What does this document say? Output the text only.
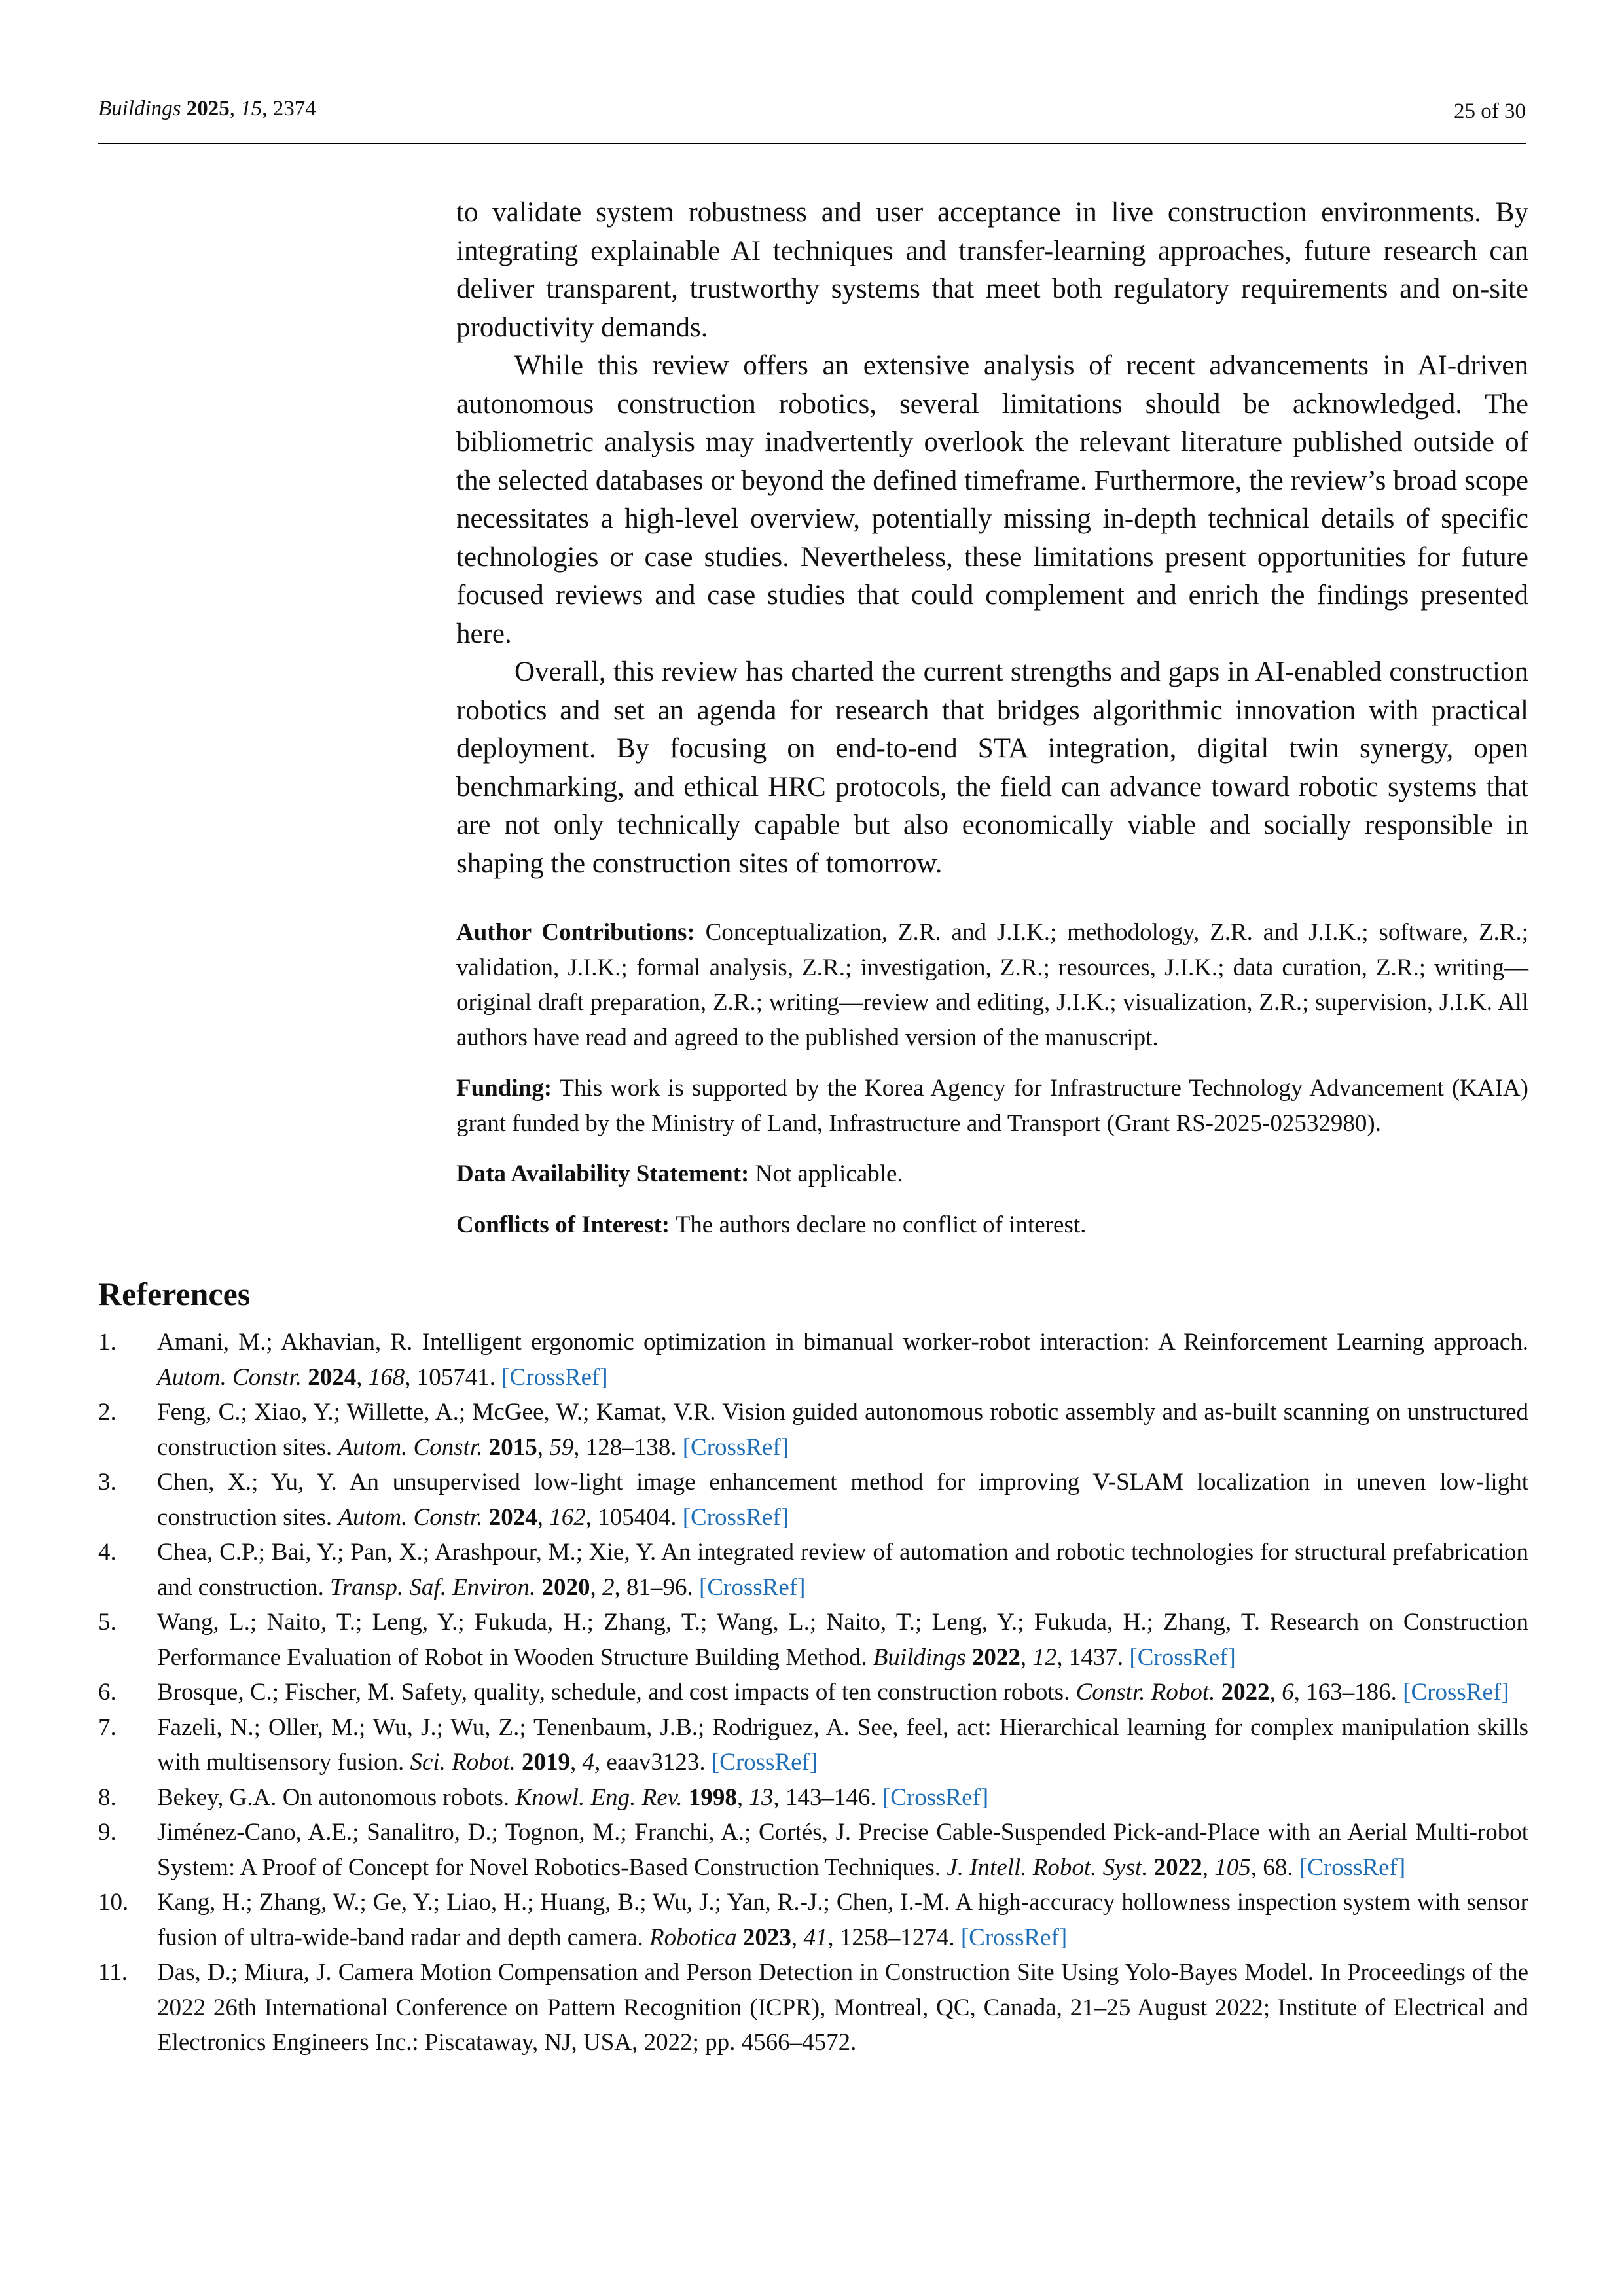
Buildings 2025, 15, 2374	25 of 30

to validate system robustness and user acceptance in live construction environments. By integrating explainable AI techniques and transfer-learning approaches, future research can deliver transparent, trustworthy systems that meet both regulatory requirements and on-site productivity demands.

While this review offers an extensive analysis of recent advancements in AI-driven autonomous construction robotics, several limitations should be acknowledged. The bibliometric analysis may inadvertently overlook the relevant literature published outside of the selected databases or beyond the defined timeframe. Furthermore, the review’s broad scope necessitates a high-level overview, potentially missing in-depth technical details of specific technologies or case studies. Nevertheless, these limitations present opportunities for future focused reviews and case studies that could complement and enrich the findings presented here.

Overall, this review has charted the current strengths and gaps in AI-enabled construction robotics and set an agenda for research that bridges algorithmic innovation with practical deployment. By focusing on end-to-end STA integration, digital twin synergy, open benchmarking, and ethical HRC protocols, the field can advance toward robotic systems that are not only technically capable but also economically viable and socially responsible in shaping the construction sites of tomorrow.

Author Contributions: Conceptualization, Z.R. and J.I.K.; methodology, Z.R. and J.I.K.; software, Z.R.; validation, J.I.K.; formal analysis, Z.R.; investigation, Z.R.; resources, J.I.K.; data curation, Z.R.; writing—original draft preparation, Z.R.; writing—review and editing, J.I.K.; visualization, Z.R.; supervision, J.I.K. All authors have read and agreed to the published version of the manuscript.

Funding: This work is supported by the Korea Agency for Infrastructure Technology Advancement (KAIA) grant funded by the Ministry of Land, Infrastructure and Transport (Grant RS-2025-02532980).

Data Availability Statement: Not applicable.

Conflicts of Interest: The authors declare no conflict of interest.

References
1. Amani, M.; Akhavian, R. Intelligent ergonomic optimization in bimanual worker-robot interaction: A Reinforcement Learning approach. Autom. Constr. 2024, 168, 105741. [CrossRef]
2. Feng, C.; Xiao, Y.; Willette, A.; McGee, W.; Kamat, V.R. Vision guided autonomous robotic assembly and as-built scanning on unstructured construction sites. Autom. Constr. 2015, 59, 128–138. [CrossRef]
3. Chen, X.; Yu, Y. An unsupervised low-light image enhancement method for improving V-SLAM localization in uneven low-light construction sites. Autom. Constr. 2024, 162, 105404. [CrossRef]
4. Chea, C.P.; Bai, Y.; Pan, X.; Arashpour, M.; Xie, Y. An integrated review of automation and robotic technologies for structural prefabrication and construction. Transp. Saf. Environ. 2020, 2, 81–96. [CrossRef]
5. Wang, L.; Naito, T.; Leng, Y.; Fukuda, H.; Zhang, T.; Wang, L.; Naito, T.; Leng, Y.; Fukuda, H.; Zhang, T. Research on Construction Performance Evaluation of Robot in Wooden Structure Building Method. Buildings 2022, 12, 1437. [CrossRef]
6. Brosque, C.; Fischer, M. Safety, quality, schedule, and cost impacts of ten construction robots. Constr. Robot. 2022, 6, 163–186. [CrossRef]
7. Fazeli, N.; Oller, M.; Wu, J.; Wu, Z.; Tenenbaum, J.B.; Rodriguez, A. See, feel, act: Hierarchical learning for complex manipulation skills with multisensory fusion. Sci. Robot. 2019, 4, eaav3123. [CrossRef]
8. Bekey, G.A. On autonomous robots. Knowl. Eng. Rev. 1998, 13, 143–146. [CrossRef]
9. Jiménez-Cano, A.E.; Sanalitro, D.; Tognon, M.; Franchi, A.; Cortés, J. Precise Cable-Suspended Pick-and-Place with an Aerial Multi-robot System: A Proof of Concept for Novel Robotics-Based Construction Techniques. J. Intell. Robot. Syst. 2022, 105, 68. [CrossRef]
10. Kang, H.; Zhang, W.; Ge, Y.; Liao, H.; Huang, B.; Wu, J.; Yan, R.-J.; Chen, I.-M. A high-accuracy hollowness inspection system with sensor fusion of ultra-wide-band radar and depth camera. Robotica 2023, 41, 1258–1274. [CrossRef]
11. Das, D.; Miura, J. Camera Motion Compensation and Person Detection in Construction Site Using Yolo-Bayes Model. In Proceedings of the 2022 26th International Conference on Pattern Recognition (ICPR), Montreal, QC, Canada, 21–25 August 2022; Institute of Electrical and Electronics Engineers Inc.: Piscataway, NJ, USA, 2022; pp. 4566–4572.
